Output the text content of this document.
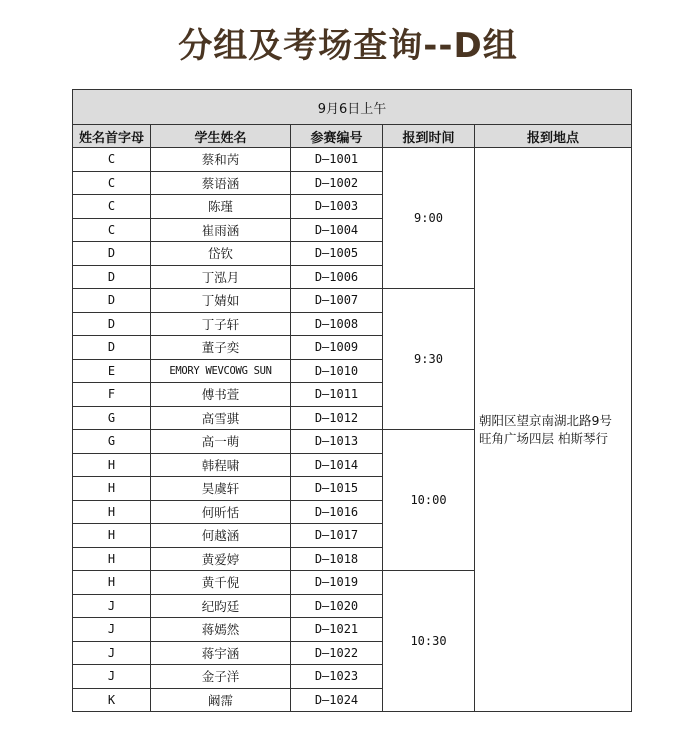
分组及考场查询--D组
9月6日上午				
姓名首字母	学生姓名	参赛编号	报到时间	报到地点
C	蔡和芮	D—1001	9:00	朝阳区望京南湖北路9号
旺角广场四层 柏斯琴行

C	蔡语涵	D—1002		
C	陈瑾	D—1003		
C	崔雨涵	D—1004		
D	岱钦	D—1005		
D	丁泓月	D—1006		
D	丁婧如	D—1007	9:30	
D	丁子轩	D—1008		
D	董子奕	D—1009		
E	EMORY WEVCOWG SUN	D—1010		
F	傅书萱	D—1011		
G	高雪骐	D—1012		
G	高一萌	D—1013	10:00	
H	韩程啸	D—1014		
H	昊虞轩	D—1015		
H	何昕恬	D—1016		
H	何越涵	D—1017		
H	黄爱婷	D—1018		
H	黄千倪	D—1019	10:30	
J	纪昀廷	D—1020		
J	蒋嫣然	D—1021		
J	蒋宇涵	D—1022		
J	金子洋	D—1023		
K	阚霈	D—1024		
